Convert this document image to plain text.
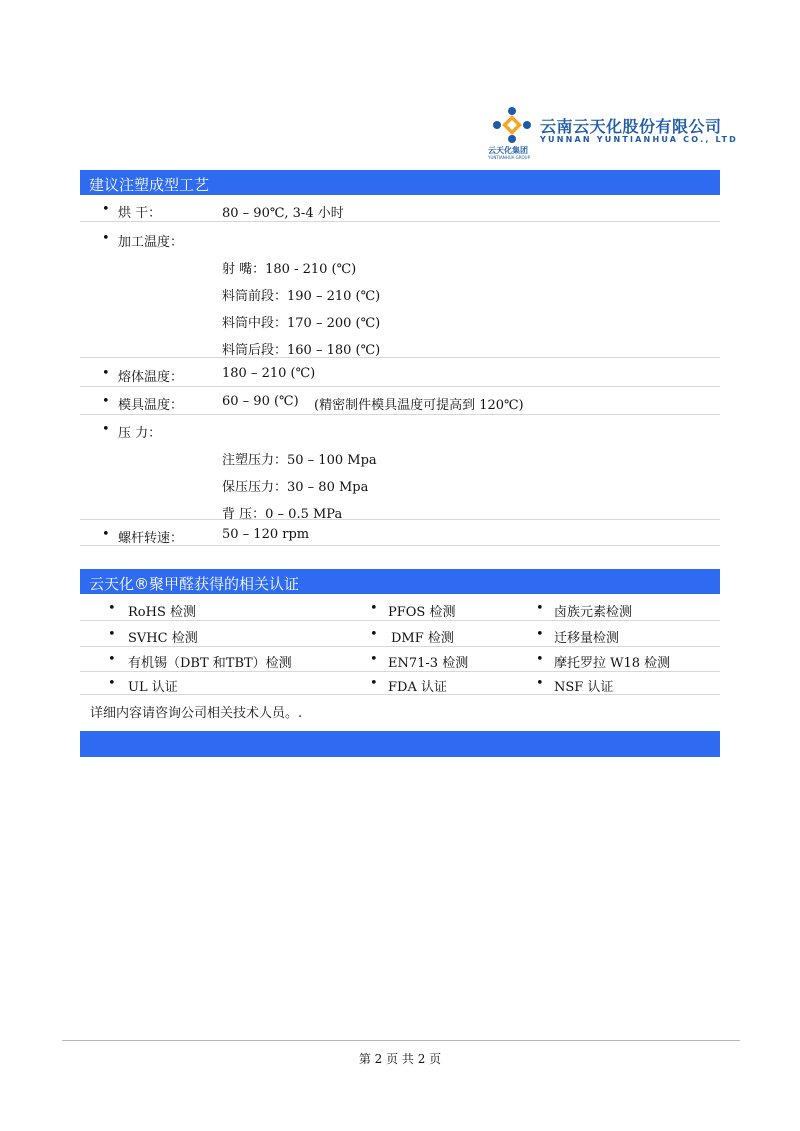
云南云天化股份有限公司
YUNNAN YUNTIANHUA CO., LTD
云天化集团
YUNTIANHUA GROUP
建议注塑成型工艺
• 烘 干：	80 – 90℃, 3-4 小时
• 加工温度：
射 嘴：180 - 210 (℃)
料筒前段：190 – 210 (℃)
料筒中段：170 – 200 (℃)
料筒后段：160 – 180 (℃)
• 熔体温度：	180 – 210 (℃)
• 模具温度：	60 – 90 (℃) (精密制件模具温度可提高到 120℃)
• 压 力：
注塑压力：50 – 100 Mpa
保压压力：30 – 80 Mpa
背 压：0 – 0.5 MPa
• 螺杆转速：	50 – 120 rpm
云天化®聚甲醛获得的相关认证
• RoHS 检测	• PFOS 检测	• 卤族元素检测
• SVHC 检测	• DMF 检测	• 迁移量检测
• 有机锡（DBT 和TBT）检测	• EN71-3 检测	• 摩托罗拉 W18 检测
• UL 认证	• FDA 认证	• NSF 认证
详细内容请咨询公司相关技术人员。.
第 2 页 共 2 页
